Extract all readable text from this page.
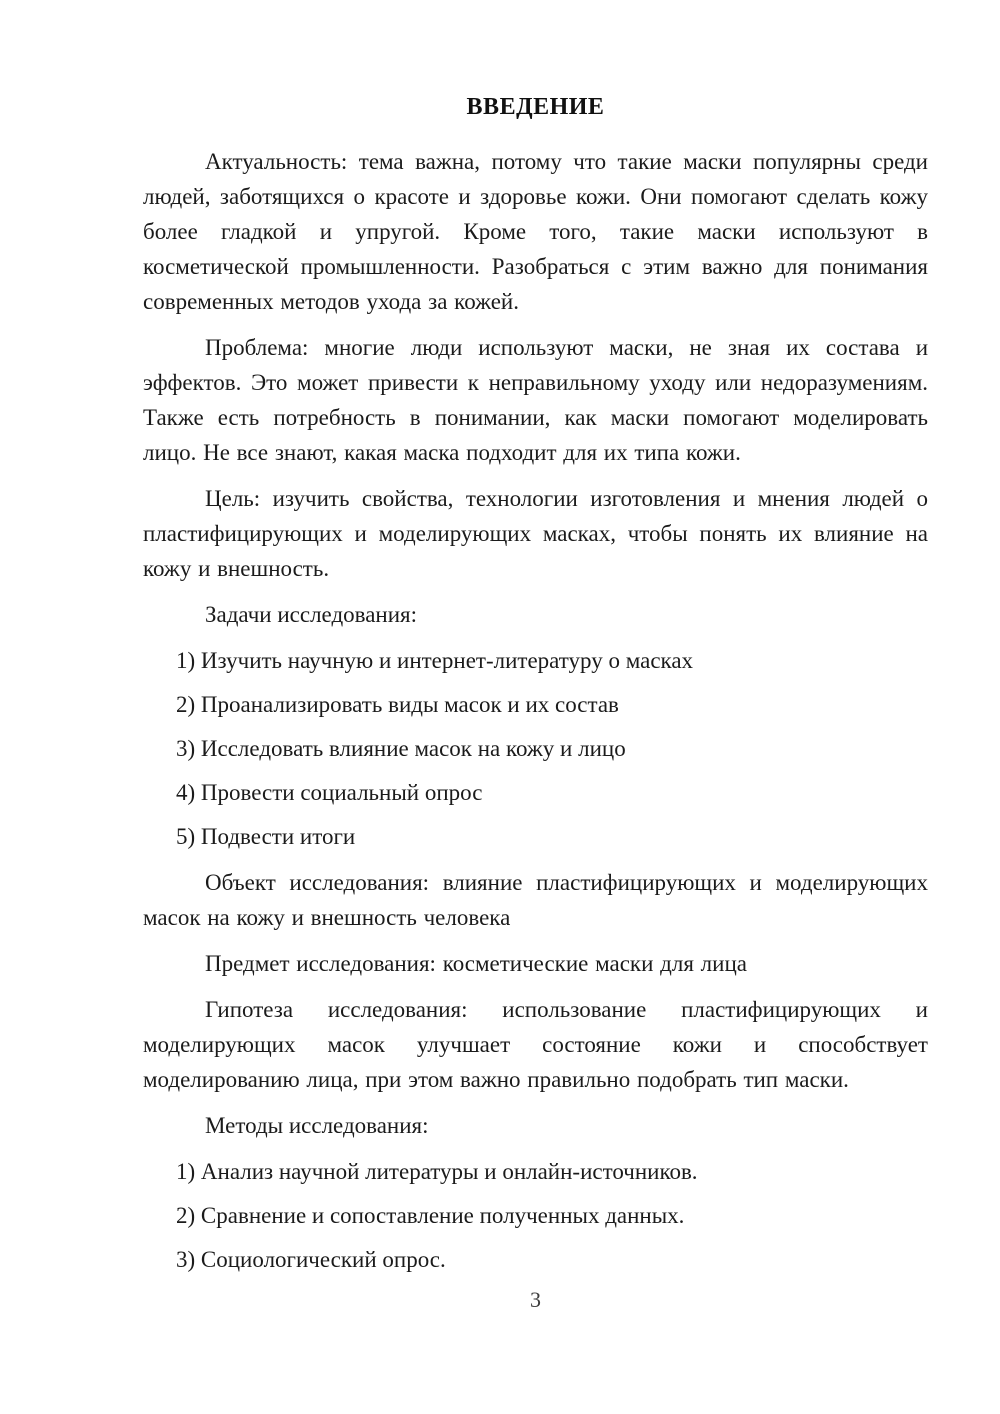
ВВЕДЕНИЕ

Актуальность: тема важна, потому что такие маски популярны среди людей, заботящихся о красоте и здоровье кожи. Они помогают сделать кожу более гладкой и упругой. Кроме того, такие маски используют в косметической промышленности. Разобраться с этим важно для понимания современных методов ухода за кожей.

Проблема: многие люди используют маски, не зная их состава и эффектов. Это может привести к неправильному уходу или недоразумениям. Также есть потребность в понимании, как маски помогают моделировать лицо. Не все знают, какая маска подходит для их типа кожи.

Цель: изучить свойства, технологии изготовления и мнения людей о пластифицирующих и моделирующих масках, чтобы понять их влияние на кожу и внешность.

Задачи исследования:

1) Изучить научную и интернет-литературу о масках
2) Проанализировать виды масок и их состав
3) Исследовать влияние масок на кожу и лицо
4) Провести социальный опрос
5) Подвести итоги

Объект исследования: влияние пластифицирующих и моделирующих масок на кожу и внешность человека

Предмет исследования: косметические маски для лица

Гипотеза исследования: использование пластифицирующих и моделирующих масок улучшает состояние кожи и способствует моделированию лица, при этом важно правильно подобрать тип маски.

Методы исследования:

1) Анализ научной литературы и онлайн-источников.
2) Сравнение и сопоставление полученных данных.
3) Социологический опрос.
3
